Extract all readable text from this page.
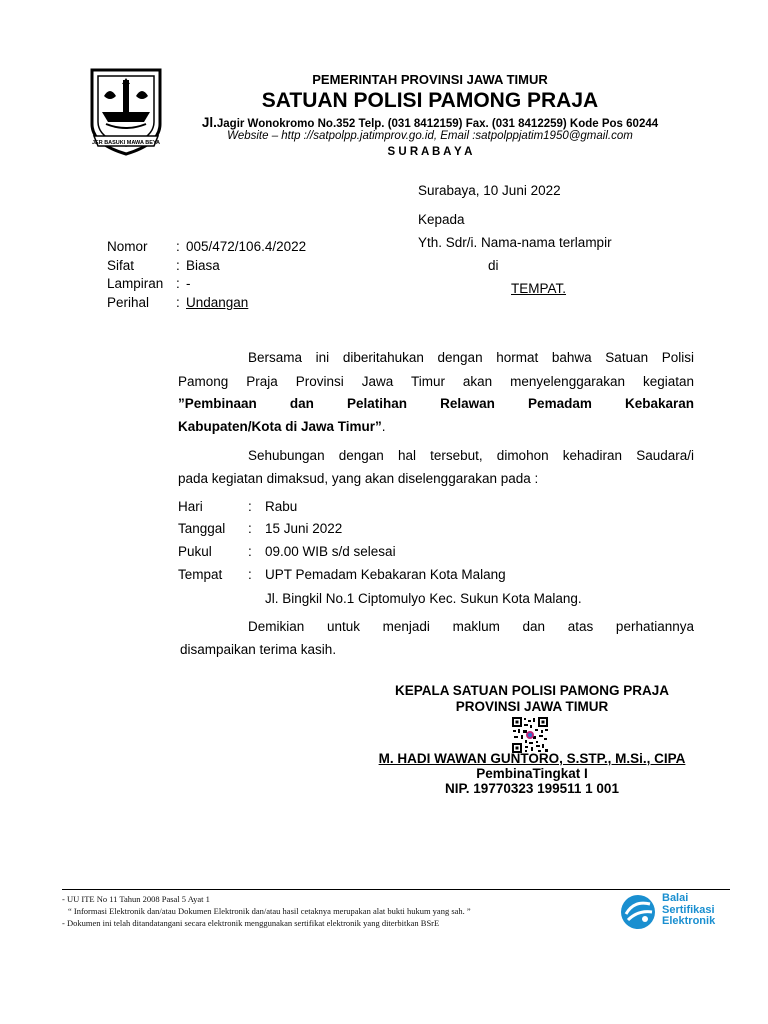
JER BASUKI MAWA BEYA
PEMERINTAH PROVINSI JAWA TIMUR
SATUAN POLISI PAMONG PRAJA
Jl.Jagir Wonokromo No.352 Telp. (031 8412159) Fax. (031 8412259) Kode Pos 60244
Website – http ://satpolpp.jatimprov.go.id, Email :satpolppjatim1950@gmail.com
S U R A B A Y A
Surabaya, 10 Juni 2022
Kepada
Yth. Sdr/i. Nama-nama terlampir
di
TEMPAT.
Nomor : 005/472/106.4/2022
Sifat	: Biasa
Lampiran : -
Perihal : Undangan
Bersama ini diberitahukan dengan hormat bahwa Satuan Polisi
Pamong Praja Provinsi Jawa Timur akan menyelenggarakan kegiatan
”Pembinaan dan Pelatihan Relawan Pemadam Kebakaran
Kabupaten/Kota di Jawa Timur”.
Sehubungan dengan hal tersebut, dimohon kehadiran Saudara/i
pada kegiatan dimaksud, yang akan diselenggarakan pada :
Hari	: Rabu
Tanggal : 15 Juni 2022
Pukul	: 09.00 WIB s/d selesai
Tempat : UPT Pemadam Kebakaran Kota Malang
Jl. Bingkil No.1 Ciptomulyo Kec. Sukun Kota Malang.
Demikian untuk menjadi maklum dan atas perhatiannya
disampaikan terima kasih.
KEPALA SATUAN POLISI PAMONG PRAJA
PROVINSI JAWA TIMUR
M. HADI WAWAN GUNTORO, S.STP., M.Si., CIPA
PembinaTingkat I
NIP. 19770323 199511 1 001
- UU ITE No 11 Tahun 2008 Pasal 5 Ayat 1
“ Informasi Elektronik dan/atau Dokumen Elektronik dan/atau hasil cetaknya merupakan alat bukti hukum yang sah. ”
- Dokumen ini telah ditandatangani secara elektronik menggunakan sertifikat elektronik yang diterbitkan BSrE
Balai
Sertifikasi
Elektronik
